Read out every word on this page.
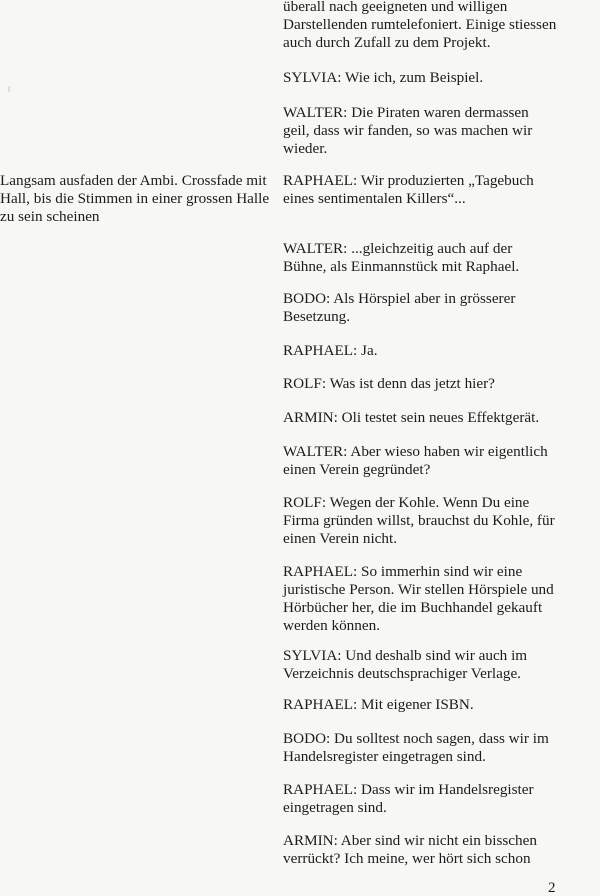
Langsam ausfaden der Ambi. Crossfade mit
Hall, bis die Stimmen in einer grossen Halle
zu sein scheinen

überall nach geeigneten und willigen
Darstellenden rumtelefoniert. Einige stiessen
auch durch Zufall zu dem Projekt.

SYLVIA: Wie ich, zum Beispiel.

WALTER: Die Piraten waren dermassen
geil, dass wir fanden, so was machen wir
wieder.

RAPHAEL: Wir produzierten „Tagebuch
eines sentimentalen Killers“...

WALTER: ...gleichzeitig auch auf der
Bühne, als Einmannstück mit Raphael.

BODO: Als Hörspiel aber in grösserer
Besetzung.

RAPHAEL: Ja.

ROLF: Was ist denn das jetzt hier?

ARMIN: Oli testet sein neues Effektgerät.

WALTER: Aber wieso haben wir eigentlich
einen Verein gegründet?

ROLF: Wegen der Kohle. Wenn Du eine
Firma gründen willst, brauchst du Kohle, für
einen Verein nicht.

RAPHAEL: So immerhin sind wir eine
juristische Person. Wir stellen Hörspiele und
Hörbücher her, die im Buchhandel gekauft
werden können.

SYLVIA: Und deshalb sind wir auch im
Verzeichnis deutschsprachiger Verlage.

RAPHAEL: Mit eigener ISBN.

BODO: Du solltest noch sagen, dass wir im
Handelsregister eingetragen sind.

RAPHAEL: Dass wir im Handelsregister
eingetragen sind.

ARMIN: Aber sind wir nicht ein bisschen
verrückt? Ich meine, wer hört sich schon

2
